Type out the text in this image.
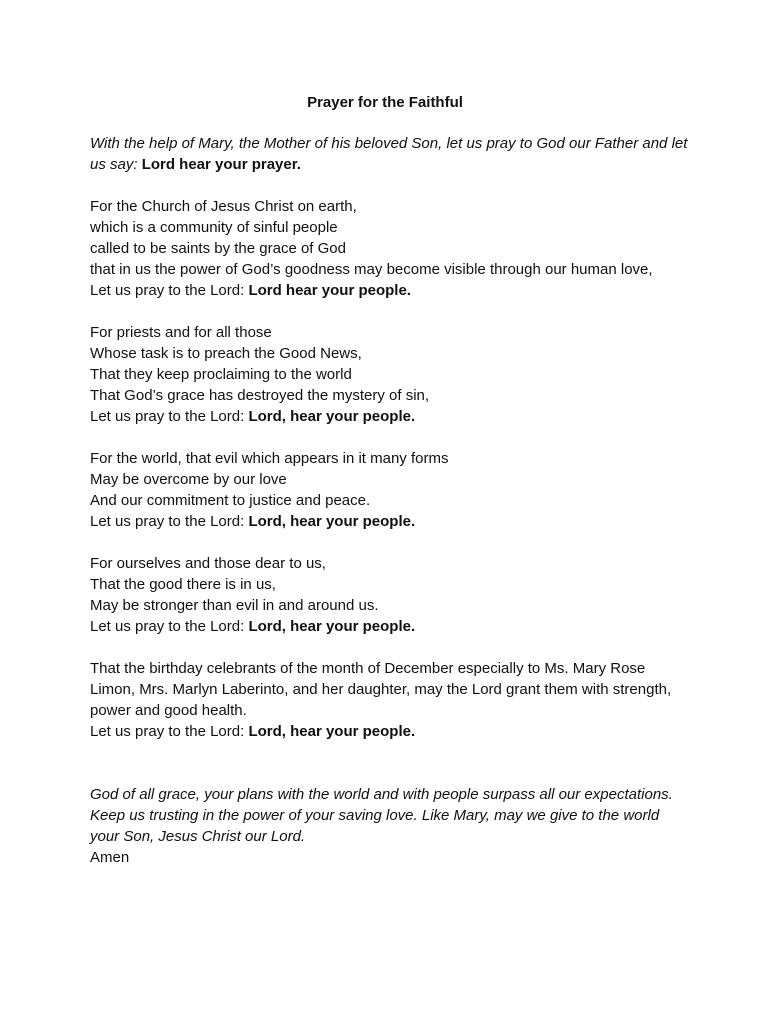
Prayer for the Faithful
With the help of Mary, the Mother of his beloved Son, let us pray to God our Father and let us say: Lord hear your prayer.
For the Church of Jesus Christ on earth,
which is a community of sinful people
called to be saints by the grace of God
that in us the power of God’s goodness may become visible through our human love,
Let us pray to the Lord: Lord hear your people.
For priests and for all those
Whose task is to preach the Good News,
That they keep proclaiming to the world
That God’s grace has destroyed the mystery of sin,
Let us pray to the Lord: Lord, hear your people.
For the world, that evil which appears in it many forms
May be overcome by our love
And our commitment to justice and peace.
Let us pray to the Lord: Lord, hear your people.
For ourselves and those dear to us,
That the good there is in us,
May be stronger than evil in and around us.
Let us pray to the Lord: Lord, hear your people.
That the birthday celebrants of the month of December especially to Ms. Mary Rose Limon, Mrs. Marlyn Laberinto, and her daughter, may the Lord grant them with strength, power and good health.
Let us pray to the Lord: Lord, hear your people.
God of all grace, your plans with the world and with people surpass all our expectations. Keep us trusting in the power of your saving love. Like Mary, may we give to the world your Son, Jesus Christ our Lord.
Amen
